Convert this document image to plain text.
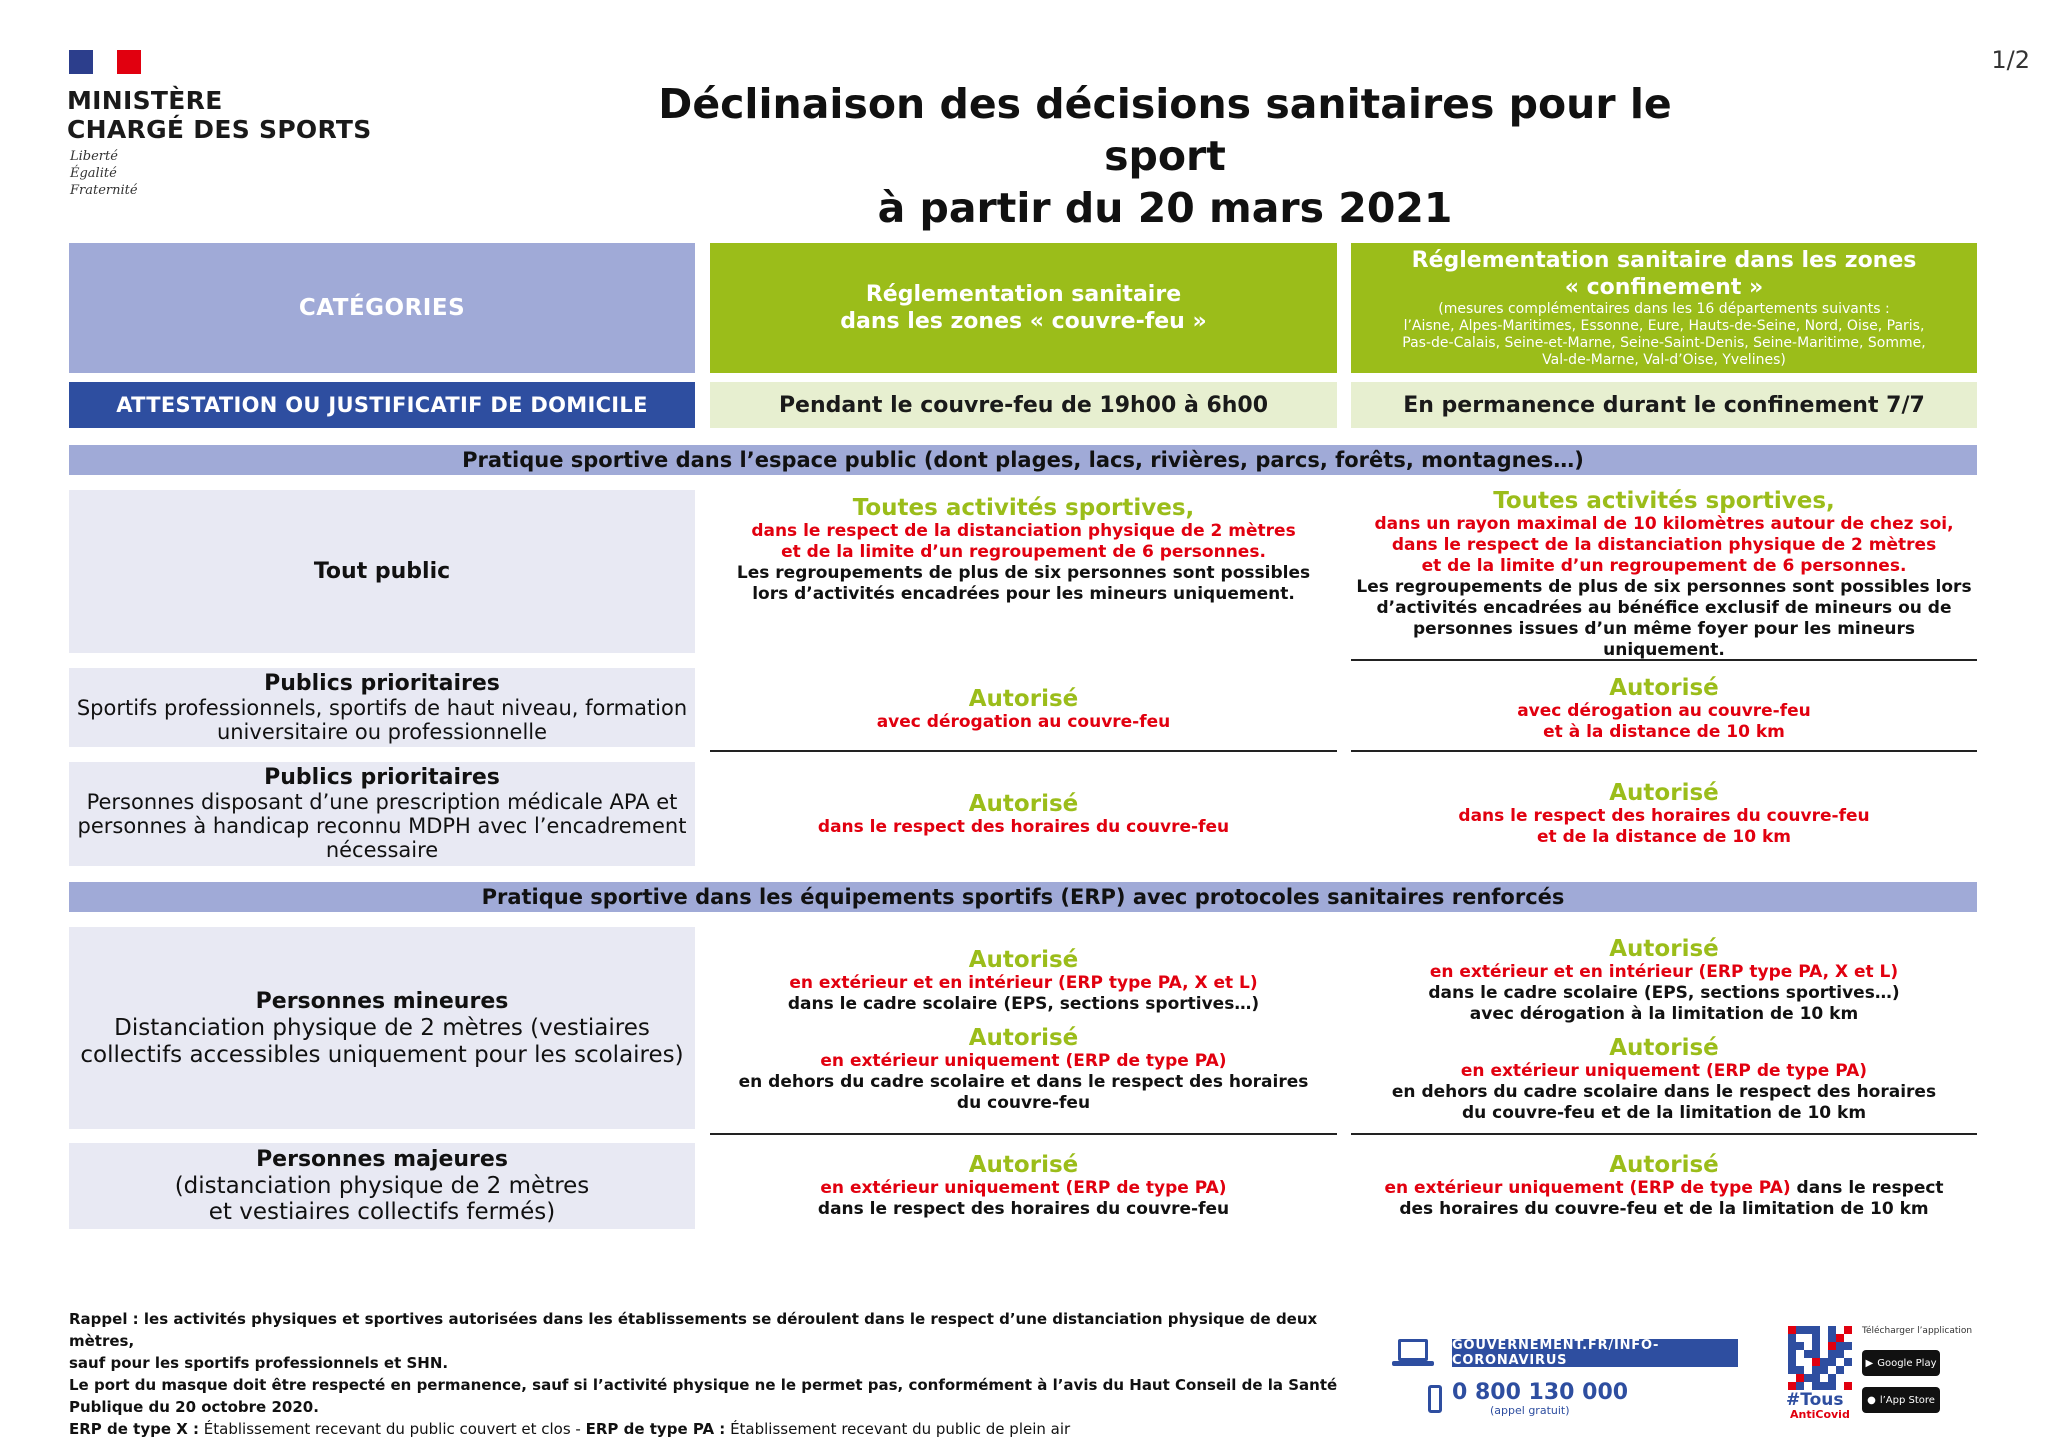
MINISTÈRE
CHARGÉ DES SPORTS
Liberté
Égalité
Fraternité
1/2
Déclinaison des décisions sanitaires pour le sport
à partir du 20 mars 2021
CATÉGORIES
Réglementation sanitaire
dans les zones « couvre-feu »
Réglementation sanitaire dans les zones
« confinement »
(mesures complémentaires dans les 16 départements suivants :
l’Aisne, Alpes-Maritimes, Essonne, Eure, Hauts-de-Seine, Nord, Oise, Paris,
Pas-de-Calais, Seine-et-Marne, Seine-Saint-Denis, Seine-Maritime, Somme,
Val-de-Marne, Val-d’Oise, Yvelines)
ATTESTATION OU JUSTIFICATIF DE DOMICILE	Pendant le couvre-feu de 19h00 à 6h00	En permanence durant le confinement 7/7
Pratique sportive dans l’espace public (dont plages, lacs, rivières, parcs, forêts, montagnes…)
Tout public
Toutes activités sportives,
dans le respect de la distanciation physique de 2 mètres
et de la limite d’un regroupement de 6 personnes.
Les regroupements de plus de six personnes sont possibles
lors d’activités encadrées pour les mineurs uniquement.
Toutes activités sportives,
dans un rayon maximal de 10 kilomètres autour de chez soi,
dans le respect de la distanciation physique de 2 mètres
et de la limite d’un regroupement de 6 personnes.
Les regroupements de plus de six personnes sont possibles lors
d’activités encadrées au bénéfice exclusif de mineurs ou de
personnes issues d’un même foyer pour les mineurs uniquement.
Publics prioritaires
Sportifs professionnels, sportifs de haut niveau, formation
universitaire ou professionnelle
Autorisé
avec dérogation au couvre-feu
Autorisé
avec dérogation au couvre-feu
et à la distance de 10 km
Publics prioritaires
Personnes disposant d’une prescription médicale APA et
personnes à handicap reconnu MDPH avec l’encadrement
nécessaire
Autorisé
dans le respect des horaires du couvre-feu
Autorisé
dans le respect des horaires du couvre-feu
et de la distance de 10 km
Pratique sportive dans les équipements sportifs (ERP) avec protocoles sanitaires renforcés
Personnes mineures
Distanciation physique de 2 mètres (vestiaires
collectifs accessibles uniquement pour les scolaires)
Autorisé
en extérieur et en intérieur (ERP type PA, X et L)
dans le cadre scolaire (EPS, sections sportives…)
Autorisé
en extérieur uniquement (ERP de type PA)
en dehors du cadre scolaire et dans le respect des horaires
du couvre-feu
Autorisé
en extérieur et en intérieur (ERP type PA, X et L)
dans le cadre scolaire (EPS, sections sportives…)
avec dérogation à la limitation de 10 km
Autorisé
en extérieur uniquement (ERP de type PA)
en dehors du cadre scolaire dans le respect des horaires
du couvre-feu et de la limitation de 10 km
Personnes majeures
(distanciation physique de 2 mètres
et vestiaires collectifs fermés)
Autorisé
en extérieur uniquement (ERP de type PA)
dans le respect des horaires du couvre-feu
Autorisé
en extérieur uniquement (ERP de type PA) dans le respect
des horaires du couvre-feu et de la limitation de 10 km

Rappel : les activités physiques et sportives autorisées dans les établissements se déroulent dans le respect d’une distanciation physique de deux mètres,

sauf pour les sportifs professionnels et SHN.

Le port du masque doit être respecté en permanence, sauf si l’activité physique ne le permet pas, conformément à l’avis du Haut Conseil de la Santé

Publique du 20 octobre 2020.

ERP de type X : Établissement recevant du public couvert et clos - ERP de type PA : Établissement recevant du public de plein air

GOUVERNEMENT.FR/INFO-CORONAVIRUS
0 800 130 000
(appel gratuit)
#Tous
AntiCovid
Télécharger l’application
▶ Google Play
● l’App Store
